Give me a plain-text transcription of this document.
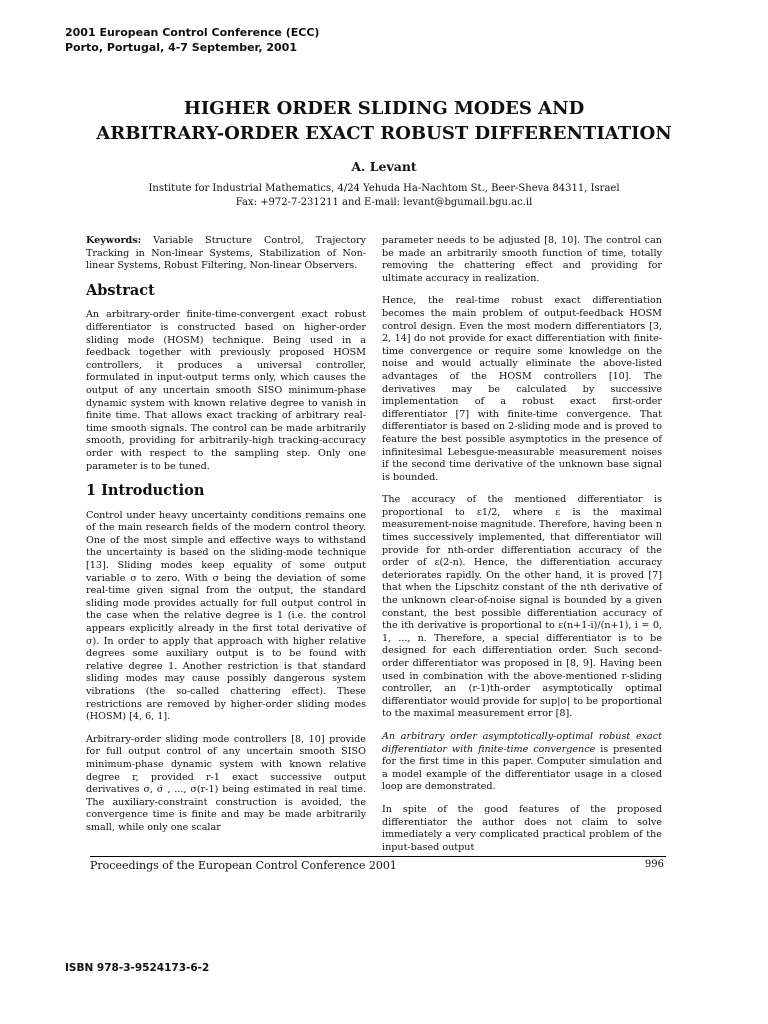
2001 European Control Conference (ECC)
Porto, Portugal, 4-7 September, 2001
HIGHER ORDER SLIDING MODES AND
ARBITRARY-ORDER EXACT ROBUST DIFFERENTIATION
A. Levant
Institute for Industrial Mathematics, 4/24 Yehuda Ha-Nachtom St., Beer-Sheva 84311, Israel
Fax: +972-7-231211 and E-mail: levant@bgumail.bgu.ac.il

Keywords: Variable Structure Control, Trajectory Tracking in Non-linear Systems, Stabilization of Non-linear Systems, Robust Filtering, Non-linear Observers.

Abstract

An arbitrary-order finite-time-convergent exact robust differentiator is constructed based on higher-order sliding mode (HOSM) technique. Being used in a feedback together with previously proposed HOSM controllers, it produces a universal controller, formulated in input-output terms only, which causes the output of any uncertain smooth SISO minimum-phase dynamic system with known relative degree to vanish in finite time. That allows exact tracking of arbitrary real-time smooth signals. The control can be made arbitrarily smooth, providing for arbitrarily-high tracking-accuracy order with respect to the sampling step. Only one parameter is to be tuned.

1 Introduction

Control under heavy uncertainty conditions remains one of the main research fields of the modern control theory. One of the most simple and effective ways to withstand the uncertainty is based on the sliding-mode technique [13]. Sliding modes keep equality of some output variable σ to zero. With σ being the deviation of some real-time given signal from the output, the standard sliding mode provides actually for full output control in the case when the relative degree is 1 (i.e. the control appears explicitly already in the first total derivative of σ). In order to apply that approach with higher relative degrees some auxiliary output is to be found with relative degree 1. Another restriction is that standard sliding modes may cause possibly dangerous system vibrations (the so-called chattering effect). These restrictions are removed by higher-order sliding modes (HOSM) [4, 6, 1].

Arbitrary-order sliding mode controllers [8, 10] provide for full output control of any uncertain smooth SISO minimum-phase dynamic system with known relative degree r, provided r-1 exact successive output derivatives σ, σ̇ , ..., σ(r-1) being estimated in real time. The auxiliary-constraint construction is avoided, the convergence time is finite and may be made arbitrarily small, while only one scalar

parameter needs to be adjusted [8, 10]. The control can be made an arbitrarily smooth function of time, totally removing the chattering effect and providing for ultimate accuracy in realization.

Hence, the real-time robust exact differentiation becomes the main problem of output-feedback HOSM control design. Even the most modern differentiators [3, 2, 14] do not provide for exact differentiation with finite-time convergence or require some knowledge on the noise and would actually eliminate the above-listed advantages of the HOSM controllers [10]. The derivatives may be calculated by successive implementation of a robust exact first-order differentiator [7] with finite-time convergence. That differentiator is based on 2-sliding mode and is proved to feature the best possible asymptotics in the presence of infinitesimal Lebesgue-measurable measurement noises if the second time derivative of the unknown base signal is bounded.

The accuracy of the mentioned differentiator is proportional to ε1/2, where ε is the maximal measurement-noise magnitude. Therefore, having been n times successively implemented, that differentiator will provide for nth-order differentiation accuracy of the order of ε(2-n). Hence, the differentiation accuracy deteriorates rapidly. On the other hand, it is proved [7] that when the Lipschitz constant of the nth derivative of the unknown clear-of-noise signal is bounded by a given constant, the best possible differentiation accuracy of the ith derivative is proportional to ε(n+1-i)/(n+1), i = 0, 1, ..., n. Therefore, a special differentiator is to be designed for each differentiation order. Such second-order differentiator was proposed in [8, 9]. Having been used in combination with the above-mentioned r-sliding controller, an (r-1)th-order asymptotically optimal differentiator would provide for sup|σ| to be proportional to the maximal measurement error [8].

An arbitrary order asymptotically-optimal robust exact differentiator with finite-time convergence is presented for the first time in this paper. Computer simulation and a model example of the differentiator usage in a closed loop are demonstrated.

In spite of the good features of the proposed differentiator the author does not claim to solve immediately a very complicated practical problem of the input-based output

Proceedings of the European Control Conference 2001	996
ISBN 978-3-9524173-6-2
